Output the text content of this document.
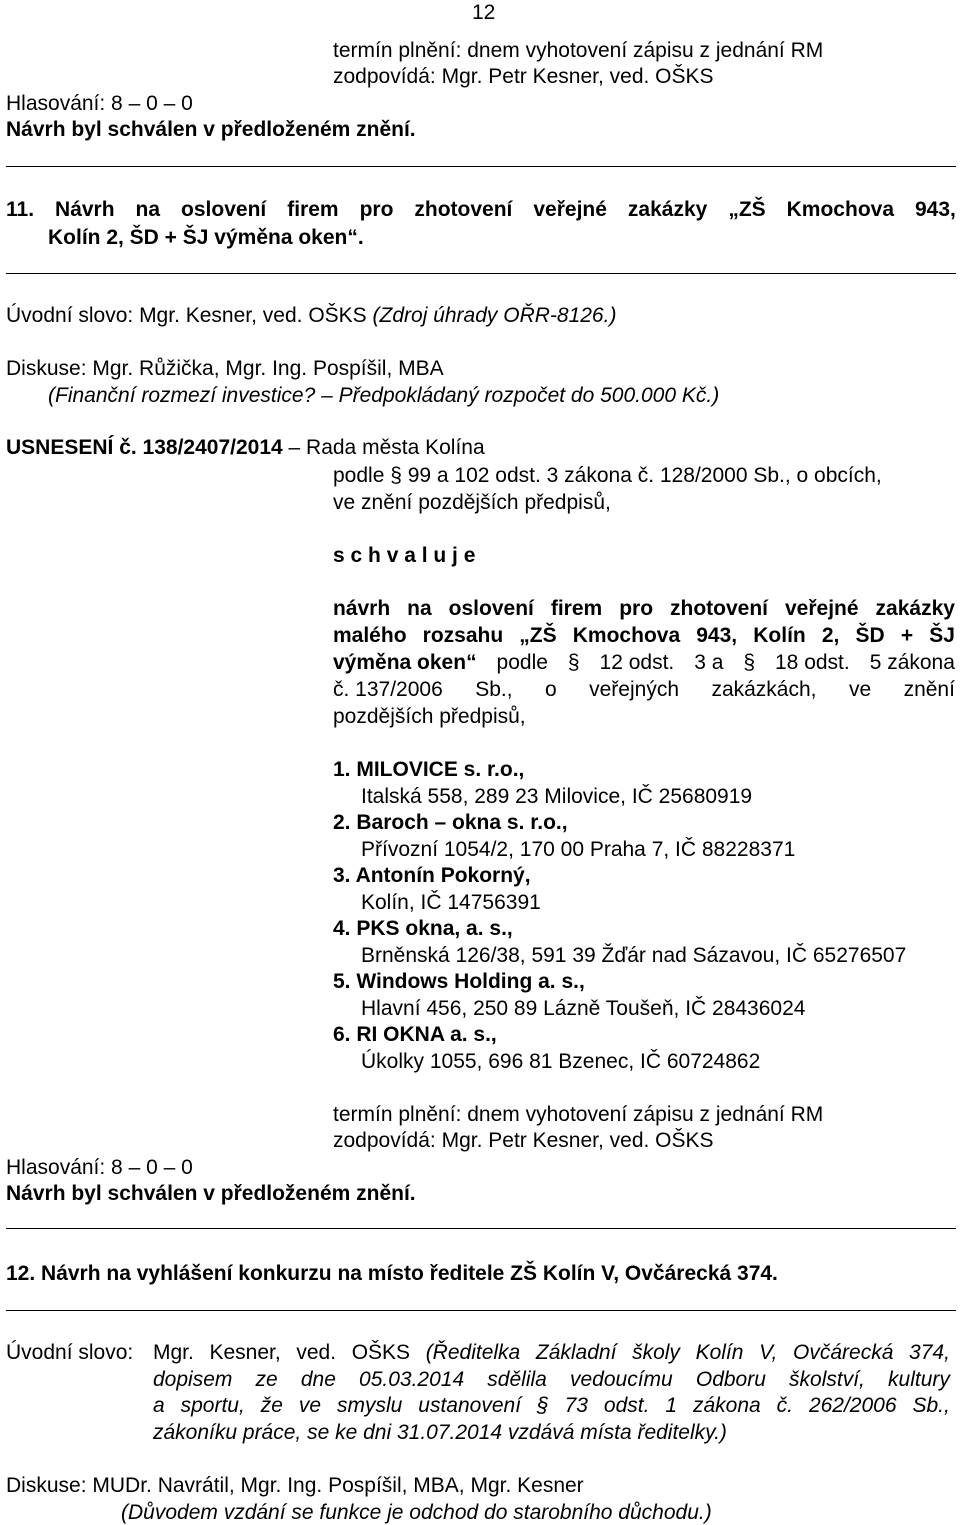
12
termín plnění: dnem vyhotovení zápisu z jednání RM
zodpovídá: Mgr. Petr Kesner, ved. OŠKS
Hlasování: 8 – 0 – 0
Návrh byl schválen v předloženém znění.
11. Návrh na oslovení firem pro zhotovení veřejné zakázky „ZŠ Kmochova 943,
Kolín 2, ŠD + ŠJ výměna oken“.
Úvodní slovo: Mgr. Kesner, ved. OŠKS (Zdroj úhrady OŘR-8126.)
Diskuse: Mgr. Růžička, Mgr. Ing. Pospíšil, MBA
(Finanční rozmezí investice? – Předpokládaný rozpočet do 500.000 Kč.)
USNESENÍ č. 138/2407/2014 – Rada města Kolína
podle § 99 a 102 odst. 3 zákona č. 128/2000 Sb., o obcích,
ve znění pozdějších předpisů,
s c h v a l u j e
návrh na oslovení firem pro zhotovení veřejné zakázky
malého rozsahu „ZŠ Kmochova 943, Kolín 2, ŠD + ŠJ
výměna oken“ podle § 12 odst. 3 a § 18 odst. 5 zákona
č. 137/2006 Sb., o veřejných zakázkách, ve znění
pozdějších předpisů,
1. MILOVICE s. r.o.,
Italská 558, 289 23 Milovice, IČ 25680919
2. Baroch – okna s. r.o.,
Přívozní 1054/2, 170 00 Praha 7, IČ 88228371
3. Antonín Pokorný,
Kolín, IČ 14756391
4. PKS okna, a. s.,
Brněnská 126/38, 591 39 Žďár nad Sázavou, IČ 65276507
5. Windows Holding a. s.,
Hlavní 456, 250 89 Lázně Toušeň, IČ 28436024
6. RI OKNA a. s.,
Úkolky 1055, 696 81 Bzenec, IČ 60724862
termín plnění: dnem vyhotovení zápisu z jednání RM
zodpovídá: Mgr. Petr Kesner, ved. OŠKS
Hlasování: 8 – 0 – 0
Návrh byl schválen v předloženém znění.
12. Návrh na vyhlášení konkurzu na místo ředitele ZŠ Kolín V, Ovčárecká 374.
Úvodní slovo: Mgr. Kesner, ved. OŠKS (Ředitelka Základní školy Kolín V, Ovčárecká 374,
dopisem ze dne 05.03.2014 sdělila vedoucímu Odboru školství, kultury
a sportu, že ve smyslu ustanovení § 73 odst. 1 zákona č. 262/2006 Sb.,
zákoníku práce, se ke dni 31.07.2014 vzdává místa ředitelky.)
Diskuse: MUDr. Navrátil, Mgr. Ing. Pospíšil, MBA, Mgr. Kesner
(Důvodem vzdání se funkce je odchod do starobního důchodu.)
